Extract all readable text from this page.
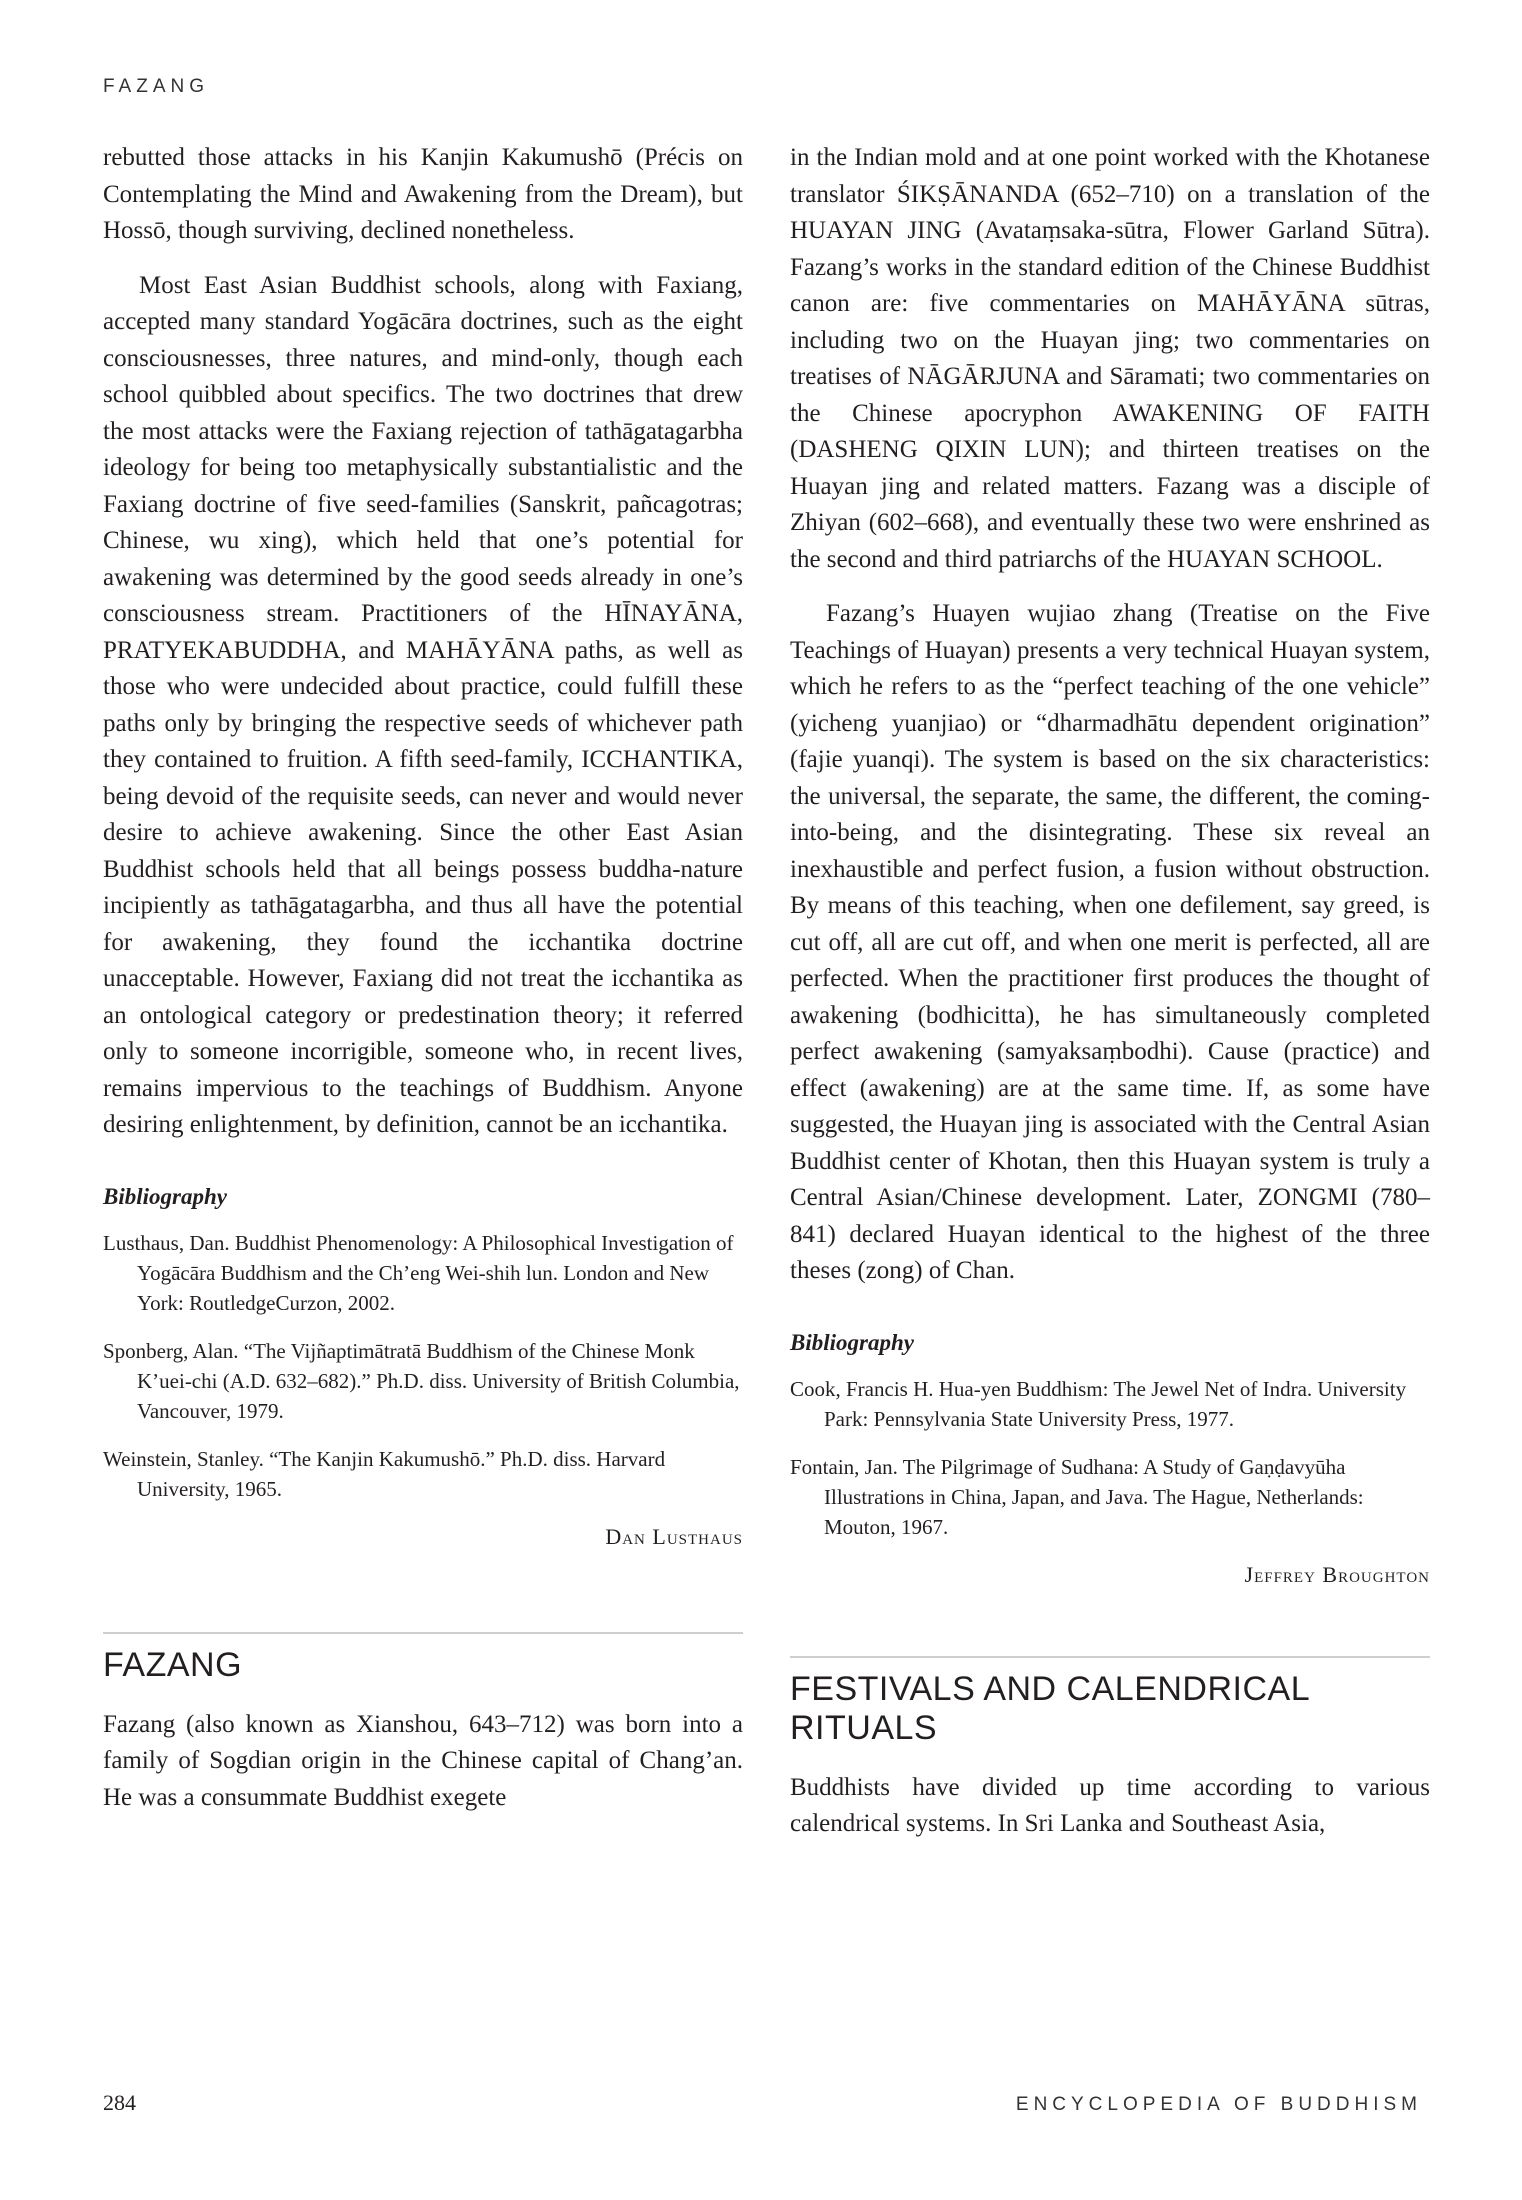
FAZANG

rebutted those attacks in his Kanjin Kakumushō (Précis on Contemplating the Mind and Awakening from the Dream), but Hossō, though surviving, declined nonetheless.

Most East Asian Buddhist schools, along with Faxiang, accepted many standard Yogācāra doctrines, such as the eight consciousnesses, three natures, and mind-only, though each school quibbled about specifics. The two doctrines that drew the most attacks were the Faxiang rejection of tathāgatagarbha ideology for being too metaphysically substantialistic and the Faxiang doctrine of five seed-families (Sanskrit, pañcagotras; Chinese, wu xing), which held that one’s potential for awakening was determined by the good seeds already in one’s consciousness stream. Practitioners of the HĪNAYĀNA, PRATYEKABUDDHA, and MAHĀYĀNA paths, as well as those who were undecided about practice, could fulfill these paths only by bringing the respective seeds of whichever path they contained to fruition. A fifth seed-family, ICCHANTIKA, being devoid of the requisite seeds, can never and would never desire to achieve awakening. Since the other East Asian Buddhist schools held that all beings possess buddha-nature incipiently as tathāgatagarbha, and thus all have the potential for awakening, they found the icchantika doctrine unacceptable. However, Faxiang did not treat the icchantika as an ontological category or predestination theory; it referred only to someone incorrigible, someone who, in recent lives, remains impervious to the teachings of Buddhism. Anyone desiring enlightenment, by definition, cannot be an icchantika.

Bibliography

Lusthaus, Dan. Buddhist Phenomenology: A Philosophical Investigation of Yogācāra Buddhism and the Ch’eng Wei-shih lun. London and New York: RoutledgeCurzon, 2002.

Sponberg, Alan. “The Vijñaptimātratā Buddhism of the Chinese Monk K’uei-chi (A.D. 632–682).” Ph.D. diss. University of British Columbia, Vancouver, 1979.

Weinstein, Stanley. “The Kanjin Kakumushō.” Ph.D. diss. Harvard University, 1965.

Dan Lusthaus
FAZANG

Fazang (also known as Xianshou, 643–712) was born into a family of Sogdian origin in the Chinese capital of Chang’an. He was a consummate Buddhist exegete

in the Indian mold and at one point worked with the Khotanese translator ŚIKṢĀNANDA (652–710) on a translation of the HUAYAN JING (Avataṃsaka-sūtra, Flower Garland Sūtra). Fazang’s works in the standard edition of the Chinese Buddhist canon are: five commentaries on MAHĀYĀNA sūtras, including two on the Huayan jing; two commentaries on treatises of NĀGĀRJUNA and Sāramati; two commentaries on the Chinese apocryphon AWAKENING OF FAITH (DASHENG QIXIN LUN); and thirteen treatises on the Huayan jing and related matters. Fazang was a disciple of Zhiyan (602–668), and eventually these two were enshrined as the second and third patriarchs of the HUAYAN SCHOOL.

Fazang’s Huayen wujiao zhang (Treatise on the Five Teachings of Huayan) presents a very technical Huayan system, which he refers to as the “perfect teaching of the one vehicle” (yicheng yuanjiao) or “dharmadhātu dependent origination” (fajie yuanqi). The system is based on the six characteristics: the universal, the separate, the same, the different, the coming-into-being, and the disintegrating. These six reveal an inexhaustible and perfect fusion, a fusion without obstruction. By means of this teaching, when one defilement, say greed, is cut off, all are cut off, and when one merit is perfected, all are perfected. When the practitioner first produces the thought of awakening (bodhicitta), he has simultaneously completed perfect awakening (samyaksaṃbodhi). Cause (practice) and effect (awakening) are at the same time. If, as some have suggested, the Huayan jing is associated with the Central Asian Buddhist center of Khotan, then this Huayan system is truly a Central Asian/Chinese development. Later, ZONGMI (780–841) declared Huayan identical to the highest of the three theses (zong) of Chan.

Bibliography

Cook, Francis H. Hua-yen Buddhism: The Jewel Net of Indra. University Park: Pennsylvania State University Press, 1977.

Fontain, Jan. The Pilgrimage of Sudhana: A Study of Gaṇḍavyūha Illustrations in China, Japan, and Java. The Hague, Netherlands: Mouton, 1967.

Jeffrey Broughton
FESTIVALS AND CALENDRICAL RITUALS

Buddhists have divided up time according to various calendrical systems. In Sri Lanka and Southeast Asia,

284	ENCYCLOPEDIA OF BUDDHISM
